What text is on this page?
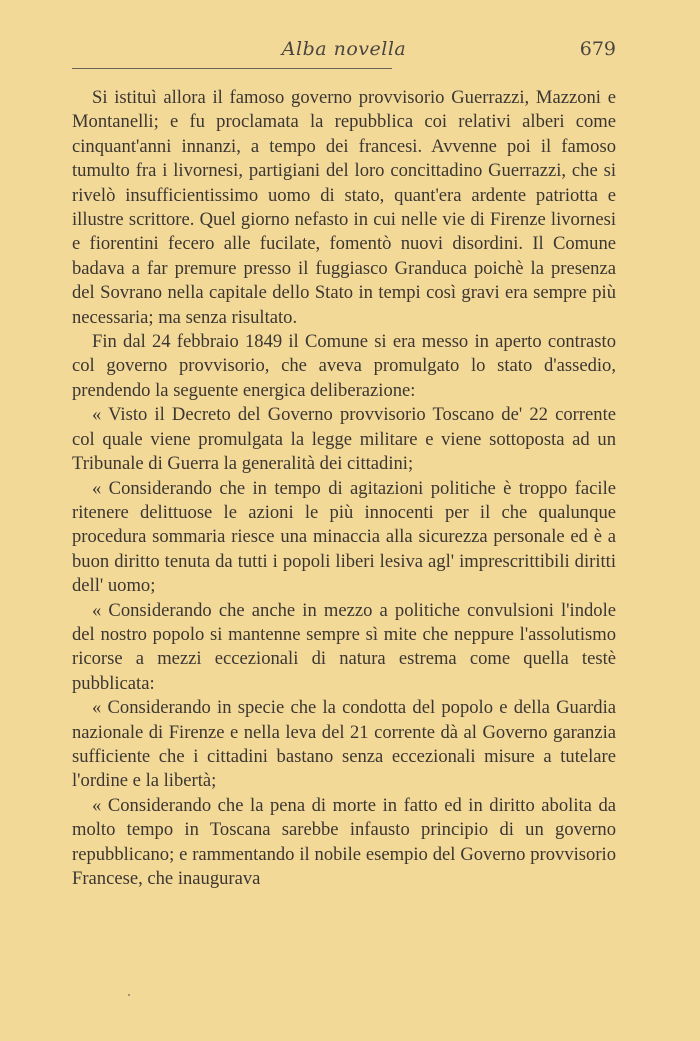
Alba novella	679

Si istituì allora il famoso governo provvisorio Guerrazzi, Mazzoni e Montanelli; e fu proclamata la repubblica coi relativi alberi come cinquant'anni innanzi, a tempo dei francesi. Avvenne poi il famoso tumulto fra i livornesi, partigiani del loro concittadino Guerrazzi, che si rivelò insufficientissimo uomo di stato, quant'era ardente patriotta e illustre scrittore. Quel giorno nefasto in cui nelle vie di Firenze livornesi e fiorentini fecero alle fucilate, fomentò nuovi disordini. Il Comune badava a far premure presso il fuggiasco Granduca poichè la presenza del Sovrano nella capitale dello Stato in tempi così gravi era sempre più necessaria; ma senza risultato.

Fin dal 24 febbraio 1849 il Comune si era messo in aperto contrasto col governo provvisorio, che aveva promulgato lo stato d'assedio, prendendo la seguente energica deliberazione:

« Visto il Decreto del Governo provvisorio Toscano de' 22 corrente col quale viene promulgata la legge militare e viene sottoposta ad un Tribunale di Guerra la generalità dei cittadini;

« Considerando che in tempo di agitazioni politiche è troppo facile ritenere delittuose le azioni le più innocenti per il che qualunque procedura sommaria riesce una minaccia alla sicurezza personale ed è a buon diritto tenuta da tutti i popoli liberi lesiva agl' imprescrittibili diritti dell' uomo;

« Considerando che anche in mezzo a politiche convulsioni l'indole del nostro popolo si mantenne sempre sì mite che neppure l'assolutismo ricorse a mezzi eccezionali di natura estrema come quella testè pubblicata:

« Considerando in specie che la condotta del popolo e della Guardia nazionale di Firenze e nella leva del 21 corrente dà al Governo garanzia sufficiente che i cittadini bastano senza eccezionali misure a tutelare l'ordine e la libertà;

« Considerando che la pena di morte in fatto ed in diritto abolita da molto tempo in Toscana sarebbe infausto principio di un governo repubblicano; e rammentando il nobile esempio del Governo provvisorio Francese, che inaugurava
